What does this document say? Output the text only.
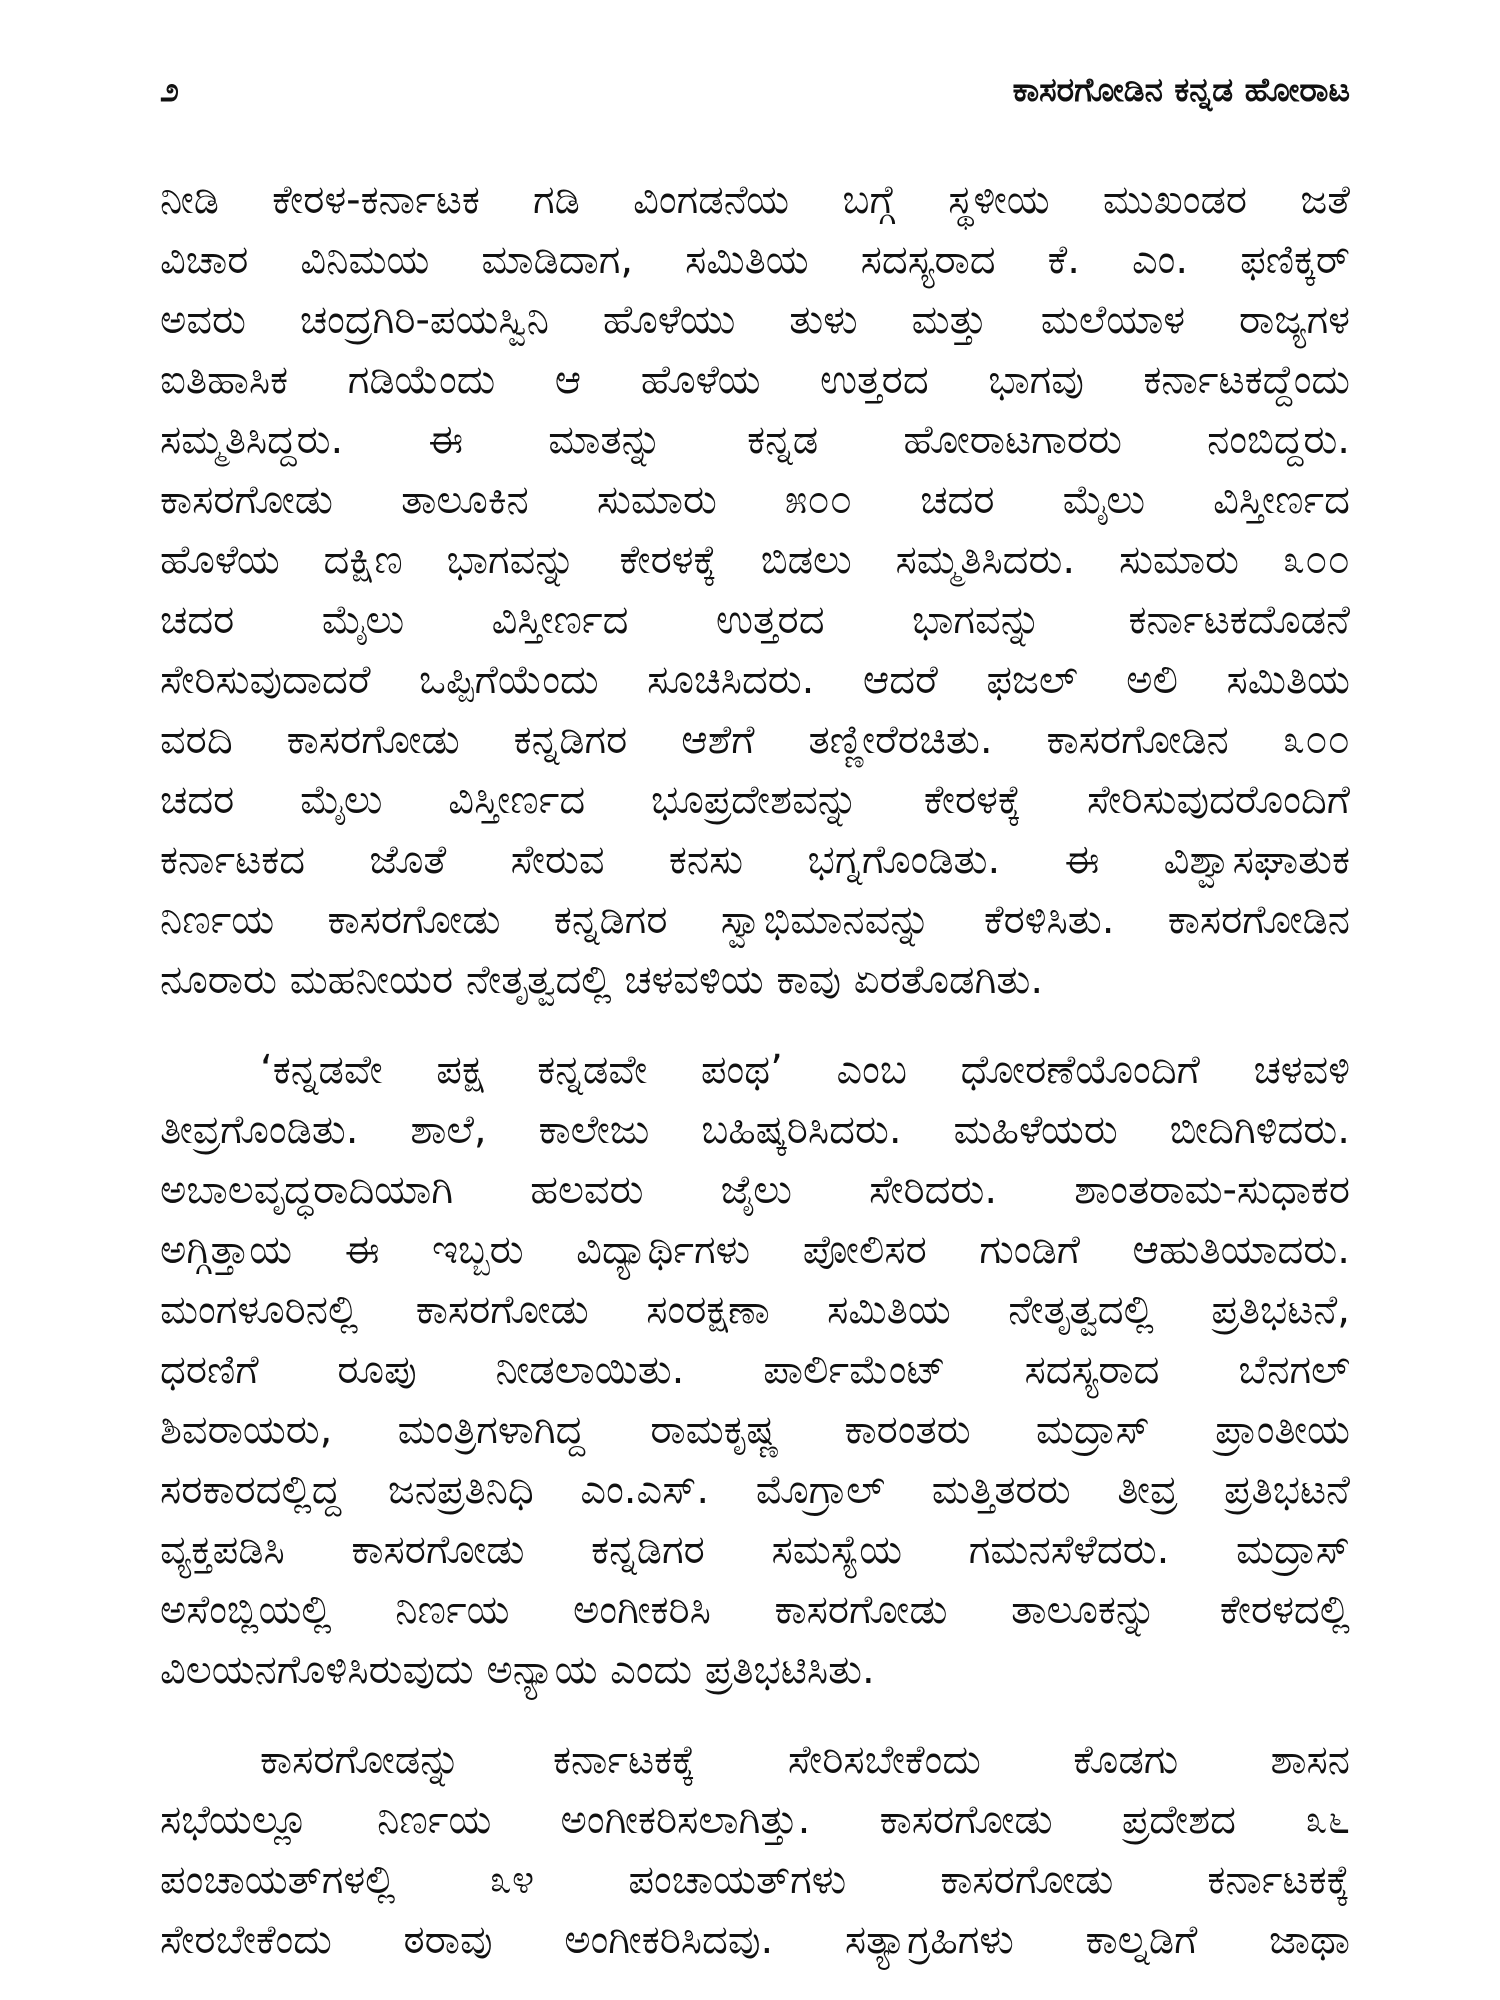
೨	ಕಾಸರಗೋಡಿನ ಕನ್ನಡ ಹೋರಾಟ
ನೀಡಿ ಕೇರಳ-ಕರ್ನಾಟಕ ಗಡಿ ವಿಂಗಡನೆಯ ಬಗ್ಗೆ ಸ್ಥಳೀಯ ಮುಖಂಡರ ಜತೆ
ವಿಚಾರ ವಿನಿಮಯ ಮಾಡಿದಾಗ, ಸಮಿತಿಯ ಸದಸ್ಯರಾದ ಕೆ. ಎಂ. ಫಣಿಕ್ಕರ್
ಅವರು ಚಂದ್ರಗಿರಿ-ಪಯಸ್ವಿನಿ ಹೊಳೆಯು ತುಳು ಮತ್ತು ಮಲೆಯಾಳ ರಾಜ್ಯಗಳ
ಐತಿಹಾಸಿಕ ಗಡಿಯೆಂದು ಆ ಹೊಳೆಯ ಉತ್ತರದ ಭಾಗವು ಕರ್ನಾಟಕದ್ದೆಂದು
ಸಮ್ಮತಿಸಿದ್ದರು. ಈ ಮಾತನ್ನು ಕನ್ನಡ ಹೋರಾಟಗಾರರು ನಂಬಿದ್ದರು.
ಕಾಸರಗೋಡು ತಾಲೂಕಿನ ಸುಮಾರು ೫೦೦ ಚದರ ಮೈಲು ವಿಸ್ತೀರ್ಣದ
ಹೊಳೆಯ ದಕ್ಷಿಣ ಭಾಗವನ್ನು ಕೇರಳಕ್ಕೆ ಬಿಡಲು ಸಮ್ಮತಿಸಿದರು. ಸುಮಾರು ೩೦೦
ಚದರ ಮೈಲು ವಿಸ್ತೀರ್ಣದ ಉತ್ತರದ ಭಾಗವನ್ನು ಕರ್ನಾಟಕದೊಡನೆ
ಸೇರಿಸುವುದಾದರೆ ಒಪ್ಪಿಗೆಯೆಂದು ಸೂಚಿಸಿದರು. ಆದರೆ ಫಜಲ್ ಅಲಿ ಸಮಿತಿಯ
ವರದಿ ಕಾಸರಗೋಡು ಕನ್ನಡಿಗರ ಆಶೆಗೆ ತಣ್ಣೀರೆರಚಿತು. ಕಾಸರಗೋಡಿನ ೩೦೦
ಚದರ ಮೈಲು ವಿಸ್ತೀರ್ಣದ ಭೂಪ್ರದೇಶವನ್ನು ಕೇರಳಕ್ಕೆ ಸೇರಿಸುವುದರೊಂದಿಗೆ
ಕರ್ನಾಟಕದ ಜೊತೆ ಸೇರುವ ಕನಸು ಭಗ್ನಗೊಂಡಿತು. ಈ ವಿಶ್ವಾಸಘಾತುಕ
ನಿರ್ಣಯ ಕಾಸರಗೋಡು ಕನ್ನಡಿಗರ ಸ್ವಾಭಿಮಾನವನ್ನು ಕೆರಳಿಸಿತು. ಕಾಸರಗೋಡಿನ
ನೂರಾರು ಮಹನೀಯರ ನೇತೃತ್ವದಲ್ಲಿ ಚಳವಳಿಯ ಕಾವು ಏರತೊಡಗಿತು.
‘ಕನ್ನಡವೇ ಪಕ್ಷ ಕನ್ನಡವೇ ಪಂಥ’ ಎಂಬ ಧೋರಣೆಯೊಂದಿಗೆ ಚಳವಳಿ
ತೀವ್ರಗೊಂಡಿತು. ಶಾಲೆ, ಕಾಲೇಜು ಬಹಿಷ್ಕರಿಸಿದರು. ಮಹಿಳೆಯರು ಬೀದಿಗಿಳಿದರು.
ಅಬಾಲವೃದ್ಧರಾದಿಯಾಗಿ ಹಲವರು ಜೈಲು ಸೇರಿದರು. ಶಾಂತರಾಮ-ಸುಧಾಕರ
ಅಗ್ಗಿತ್ತಾಯ ಈ ಇಬ್ಬರು ವಿದ್ಯಾರ್ಥಿಗಳು ಪೋಲಿಸರ ಗುಂಡಿಗೆ ಆಹುತಿಯಾದರು.
ಮಂಗಳೂರಿನಲ್ಲಿ ಕಾಸರಗೋಡು ಸಂರಕ್ಷಣಾ ಸಮಿತಿಯ ನೇತೃತ್ವದಲ್ಲಿ ಪ್ರತಿಭಟನೆ,
ಧರಣಿಗೆ ರೂಪು ನೀಡಲಾಯಿತು. ಪಾರ್ಲಿಮೆಂಟ್ ಸದಸ್ಯರಾದ ಬೆನಗಲ್
ಶಿವರಾಯರು, ಮಂತ್ರಿಗಳಾಗಿದ್ದ ರಾಮಕೃಷ್ಣ ಕಾರಂತರು ಮದ್ರಾಸ್ ಪ್ರಾಂತೀಯ
ಸರಕಾರದಲ್ಲಿದ್ದ ಜನಪ್ರತಿನಿಧಿ ಎಂ.ಎಸ್. ಮೊಗ್ರಾಲ್ ಮತ್ತಿತರರು ತೀವ್ರ ಪ್ರತಿಭಟನೆ
ವ್ಯಕ್ತಪಡಿಸಿ ಕಾಸರಗೋಡು ಕನ್ನಡಿಗರ ಸಮಸ್ಯೆಯ ಗಮನಸೆಳೆದರು. ಮದ್ರಾಸ್
ಅಸೆಂಬ್ಲಿಯಲ್ಲಿ ನಿರ್ಣಯ ಅಂಗೀಕರಿಸಿ ಕಾಸರಗೋಡು ತಾಲೂಕನ್ನು ಕೇರಳದಲ್ಲಿ
ವಿಲಯನಗೊಳಿಸಿರುವುದು ಅನ್ಯಾಯ ಎಂದು ಪ್ರತಿಭಟಿಸಿತು.
ಕಾಸರಗೋಡನ್ನು ಕರ್ನಾಟಕಕ್ಕೆ ಸೇರಿಸಬೇಕೆಂದು ಕೊಡಗು ಶಾಸನ
ಸಭೆಯಲ್ಲೂ ನಿರ್ಣಯ ಅಂಗೀಕರಿಸಲಾಗಿತ್ತು. ಕಾಸರಗೋಡು ಪ್ರದೇಶದ ೩೬
ಪಂಚಾಯತ್‌ಗಳಲ್ಲಿ ೩೪ ಪಂಚಾಯತ್‌ಗಳು ಕಾಸರಗೋಡು ಕರ್ನಾಟಕಕ್ಕೆ
ಸೇರಬೇಕೆಂದು ಠರಾವು ಅಂಗೀಕರಿಸಿದವು. ಸತ್ಯಾಗ್ರಹಿಗಳು ಕಾಲ್ನಡಿಗೆ ಜಾಥಾ
